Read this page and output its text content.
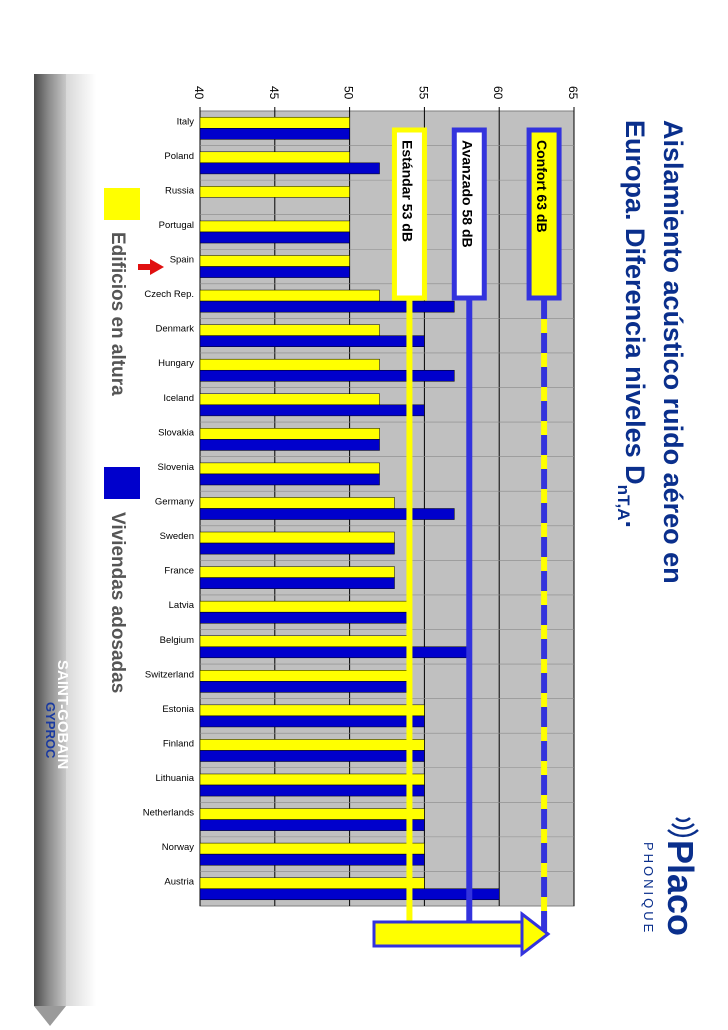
Aislamiento acústico ruido aéreo en
Europa. Diferencia niveles $D_{nT,A}$.
Placo
PHONIQUE
SAINT-GOBAIN
GYPROC
Edificios en altura
Viviendas adosadas
40	45	50	55	60	65
Italy
Poland
Russia
Portugal
Spain
Czech Rep.
Denmark
Hungary
Iceland
Slovakia
Slovenia
Germany
Sweden
France
Latvia
Belgium
Switzerland
Estonia
Finland
Lithuania
Netherlands
Norway
Austria
Estándar 53 dB	Avanzado 58 dB	Confort 63 dB
